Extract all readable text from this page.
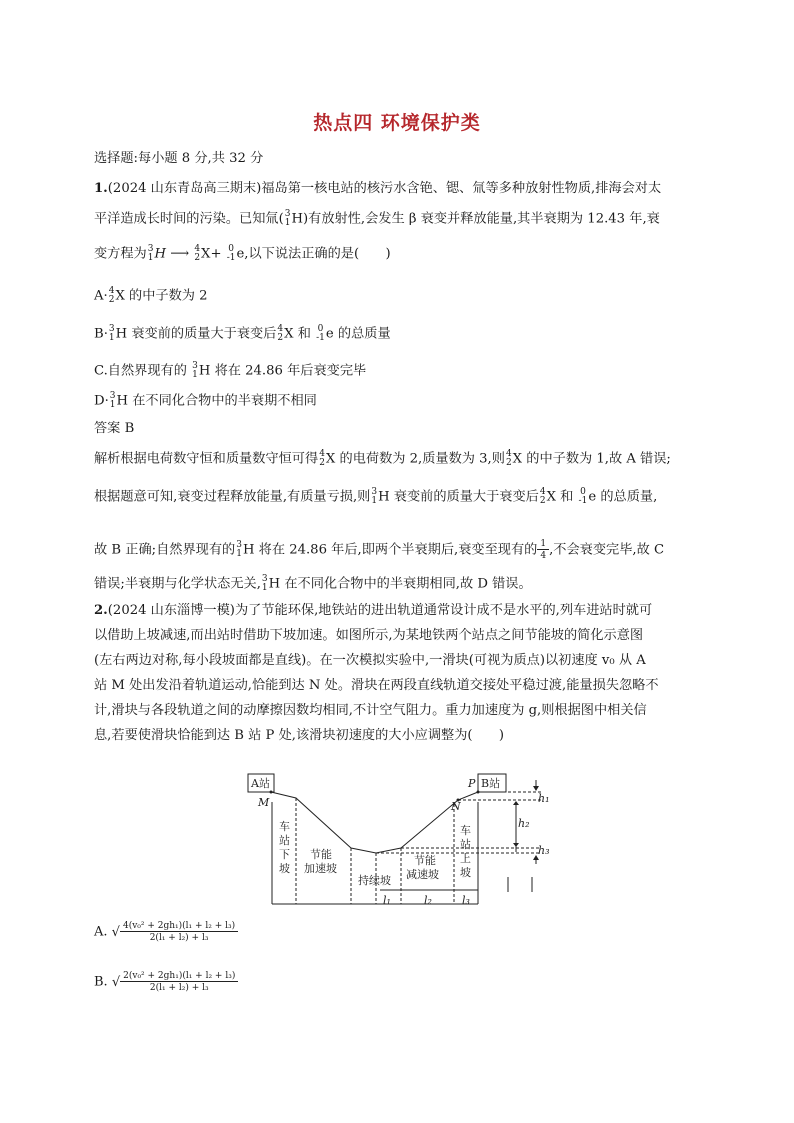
热点四 环境保护类
选择题:每小题 8 分,共 32 分
1.(2024 山东青岛高三期末)福岛第一核电站的核污水含铯、锶、氚等多种放射性物质,排海会对太
平洋造成长时间的污染。已知氚(3
1H)有放射性,会发生 β 衰变并释放能量,其半衰期为 12.43 年,衰
变方程为3
1H ⟶ 4
2X+ 0
-1e,以下说法正确的是(　　)
A·4
2X 的中子数为 2
B·3
1H 衰变前的质量大于衰变后4
2X 和 0
-1e 的总质量
C.自然界现有的 3
1H 将在 24.86 年后衰变完毕
D·3
1H 在不同化合物中的半衰期不相同
答案 B
解析根据电荷数守恒和质量数守恒可得4
2X 的电荷数为 2,质量数为 3,则4
2X 的中子数为 1,故 A 错误;
根据题意可知,衰变过程释放能量,有质量亏损,则3
1H 衰变前的质量大于衰变后4
2X 和 0
-1e 的总质量,
故 B 正确;自然界现有的3
1H 将在 24.86 年后,即两个半衰期后,衰变至现有的$\frac{1}{4}$,不会衰变完毕,故 C
错误;半衰期与化学状态无关,3
1H 在不同化合物中的半衰期相同,故 D 错误。
2.(2024 山东淄博一模)为了节能环保,地铁站的进出轨道通常设计成不是水平的,列车进站时就可
以借助上坡减速,而出站时借助下坡加速。如图所示,为某地铁两个站点之间节能坡的简化示意图
(左右两边对称,每小段坡面都是直线)。在一次模拟实验中,一滑块(可视为质点)以初速度 v₀ 从 A
站 M 处出发沿着轨道运动,恰能到达 N 处。滑块在两段直线轨道交接处平稳过渡,能量损失忽略不
计,滑块与各段轨道之间的动摩擦因数均相同,不计空气阻力。重力加速度为 g,则根据图中相关信
息,若要使滑块恰能到达 B 站 P 处,该滑块初速度的大小应调整为(　　)
A站	B站
M
P
N
h₁
h₂
h₃
l₁	l₂	l₃
车
站
下
坡
节能
加速坡
持续坡
节能
减速坡
车
站
上
坡
A. $√\frac{\text{4(v₀² + 2gh₁)(l₁ + l₂ + l₃)}}{\text{2(l₁ + l₂) + l₃}}$
B. $√\frac{\text{2(v₀² + 2gh₁)(l₁ + l₂ + l₃)}}{\text{2(l₁ + l₂) + l₃}}$
